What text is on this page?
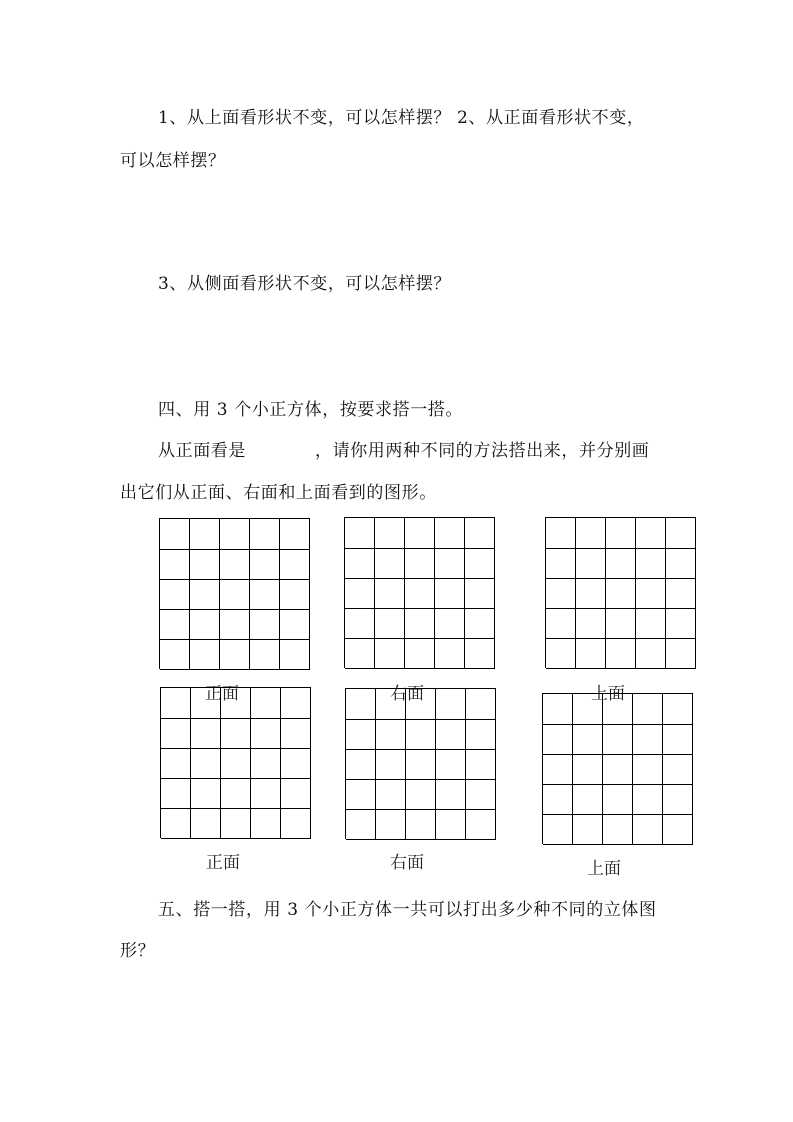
1、从上面看形状不变，可以怎样摆？ 2、从正面看形状不变，
可以怎样摆？
3、从侧面看形状不变，可以怎样摆？
四、用 3 个小正方体，按要求搭一搭。
从正面看是	，请你用两种不同的方法搭出来，并分别画
出它们从正面、右面和上面看到的图形。
正面	右面	上面
正面	右面	上面
五、搭一搭，用 3 个小正方体一共可以打出多少种不同的立体图
形？
